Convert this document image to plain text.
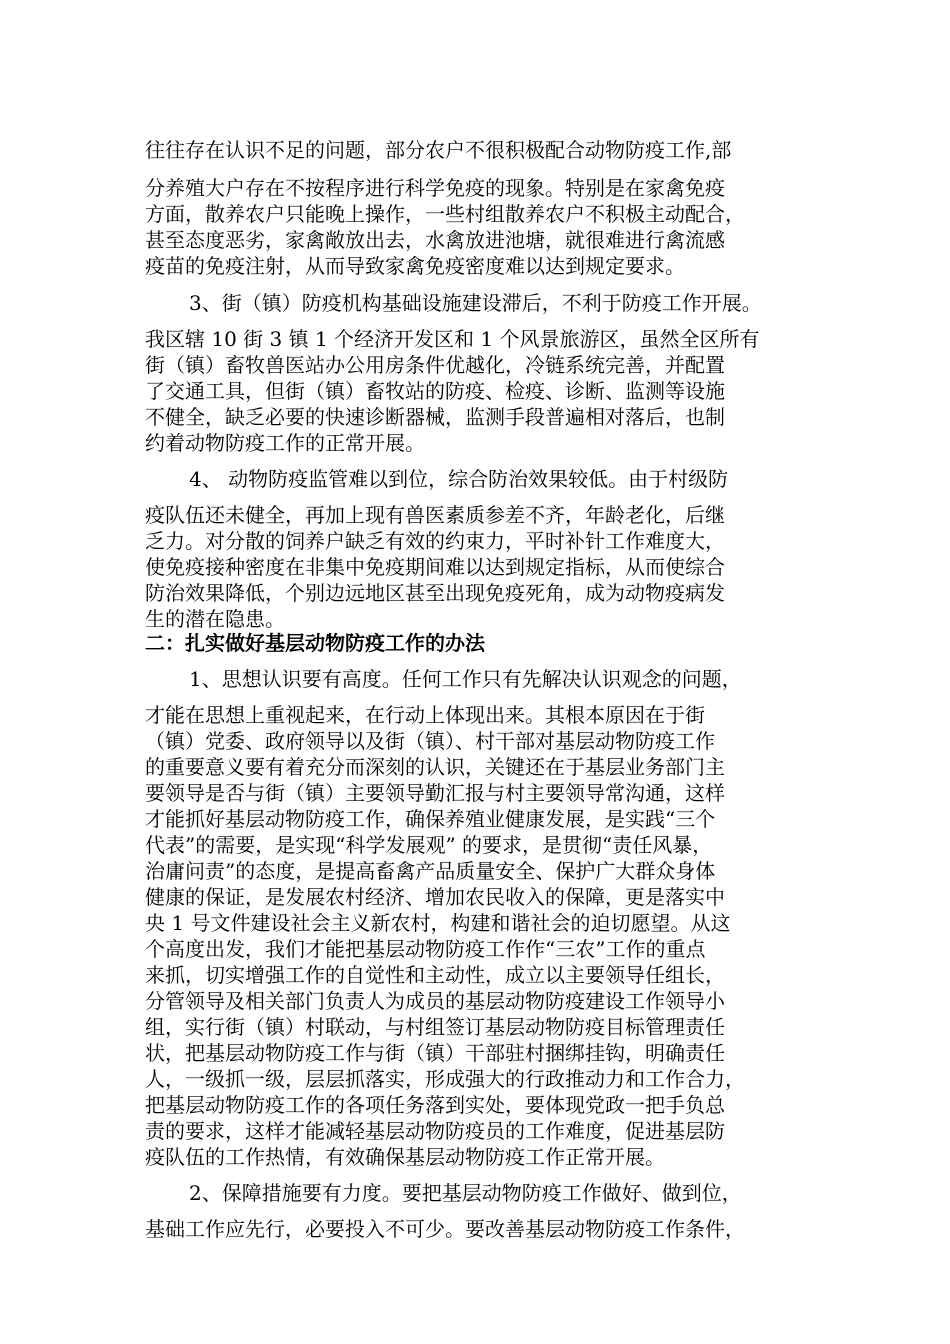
往往存在认识不足的问题，部分农户不很积极配合动物防疫工作,部
分养殖大户存在不按程序进行科学免疫的现象。特别是在家禽免疫
方面，散养农户只能晚上操作，一些村组散养农户不积极主动配合，
甚至态度恶劣，家禽敞放出去，水禽放进池塘，就很难进行禽流感
疫苗的免疫注射，从而导致家禽免疫密度难以达到规定要求。
3、街（镇）防疫机构基础设施建设滞后，不利于防疫工作开展。
我区辖 10 街 3 镇 1 个经济开发区和 1 个风景旅游区，虽然全区所有
街（镇）畜牧兽医站办公用房条件优越化，冷链系统完善，并配置
了交通工具，但街（镇）畜牧站的防疫、检疫、诊断、监测等设施
不健全，缺乏必要的快速诊断器械，监测手段普遍相对落后，也制
约着动物防疫工作的正常开展。
4、 动物防疫监管难以到位，综合防治效果较低。由于村级防
疫队伍还未健全，再加上现有兽医素质参差不齐，年龄老化，后继
乏力。对分散的饲养户缺乏有效的约束力，平时补针工作难度大，
使免疫接种密度在非集中免疫期间难以达到规定指标，从而使综合
防治效果降低，个别边远地区甚至出现免疫死角，成为动物疫病发
生的潜在隐患。
二：扎实做好基层动物防疫工作的办法
1、思想认识要有高度。任何工作只有先解决认识观念的问题，
才能在思想上重视起来，在行动上体现出来。其根本原因在于街
（镇）党委、政府领导以及街（镇）、村干部对基层动物防疫工作
的重要意义要有着充分而深刻的认识，关键还在于基层业务部门主
要领导是否与街（镇）主要领导勤汇报与村主要领导常沟通，这样
才能抓好基层动物防疫工作，确保养殖业健康发展，是实践“三个
代表”的需要，是实现“科学发展观” 的要求，是贯彻“责任风暴，
治庸问责”的态度，是提高畜禽产品质量安全、保护广大群众身体
健康的保证，是发展农村经济、增加农民收入的保障，更是落实中
央 1 号文件建设社会主义新农村，构建和谐社会的迫切愿望。从这
个高度出发，我们才能把基层动物防疫工作作“三农”工作的重点
来抓，切实增强工作的自觉性和主动性，成立以主要领导任组长，
分管领导及相关部门负责人为成员的基层动物防疫建设工作领导小
组，实行街（镇）村联动，与村组签订基层动物防疫目标管理责任
状，把基层动物防疫工作与街（镇）干部驻村捆绑挂钩，明确责任
人，一级抓一级，层层抓落实，形成强大的行政推动力和工作合力，
把基层动物防疫工作的各项任务落到实处，要体现党政一把手负总
责的要求，这样才能减轻基层动物防疫员的工作难度，促进基层防
疫队伍的工作热情，有效确保基层动物防疫工作正常开展。
2、保障措施要有力度。要把基层动物防疫工作做好、做到位，
基础工作应先行，必要投入不可少。要改善基层动物防疫工作条件，
